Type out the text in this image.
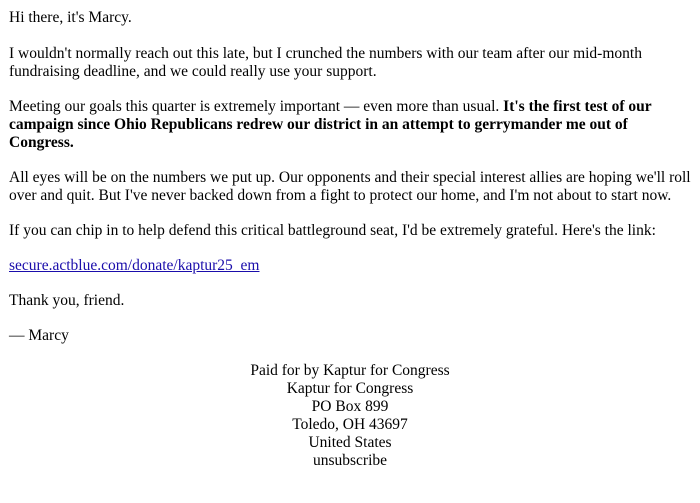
Hi there, it's Marcy.

I wouldn't normally reach out this late, but I crunched the numbers with our team after our mid-month fundraising deadline, and we could really use your support.

Meeting our goals this quarter is extremely important — even more than usual. It's the first test of our campaign since Ohio Republicans redrew our district in an attempt to gerrymander me out of Congress.

All eyes will be on the numbers we put up. Our opponents and their special interest allies are hoping we'll roll over and quit. But I've never backed down from a fight to protect our home, and I'm not about to start now.

If you can chip in to help defend this critical battleground seat, I'd be extremely grateful. Here's the link:

secure.actblue.com/donate/kaptur25_em

Thank you, friend.

— Marcy

Paid for by Kaptur for Congress
Kaptur for Congress
PO Box 899
Toledo, OH 43697
United States
unsubscribe
